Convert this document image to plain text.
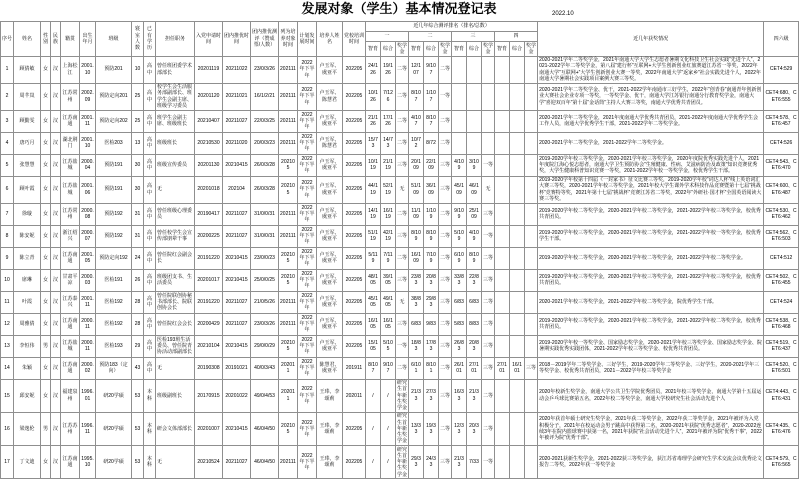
发展对象（学生）基本情况登记表	2022.10
序号	姓名	性别	民族	籍贯	出生年月	班级	寝室人数	已有学历	担任职务	入党申请时间	团内推优时间	团内推优测评（赞成票/人数）	列为培养对象时间	计划发展时间	培养人姓名	党校培训时间	近几年综合测评排名（排名/总数）												近几年获奖情况	四六级
																	一			二			三			四				
																	智育	综合	奖学金	智育	综合	奖学金	智育	综合	奖学金	智育	综合	奖学金		
1	顾倩敏	女	汉	上海松江	2001.10	预防201	10	高中	曾任班团委学术部部长	20201119	20211022	23/0/3/26	202111	2022年下半年	卢玉军、虞亚平	202205	24/126	19/126	二等	12/107	9/107	二等							2020-2021学年二等奖学金，2021年南通大学大学生志愿者暑期文化科技卫生社会实践“先进个人”，2021-2022学年二等奖学金，第八届“建行杯”互联网+大学生创新创业红旅赛道江苏省一等奖，2022年南通大学“互联网+”大学生创新创业大赛一等奖，2022年南通大学“返家乡”社会实践先进个人，2022年南通大学暑期社会实践项目案例大赛三等奖。	CET4:529
2	周芊岚	女	汉	江苏常州	2002.09	预防定向201	25	高中	校学生会生活服务部副部长、班学生会副主席、班级学习委员	20201120	20211021	16/1/2/21	202111	2022年下半年	卢玉军、陈慧君	202205	10/126	7/126	二等	8/107	1/107	一等							2020-2021学年二等奖学金、优干，2021-2022学年南通市三好学生，2022年“创青春”南通青年创新创业大赛社会企业专项一等奖，一等奖学金、优干，南通大学江苏银行南通分行教育奖学金，南通大学“喜迎双百年”第十届“金话筒”主持人大赛三等奖，南通大学优秀共青团员。	CET4:680、CET6:555
3	顾勤雯	女	汉	江苏南通	2001.11	预防定向202	25	高中	班学生会副主席、班级班长	20210407	20211027	22/0/3/25	202111	2022年下半年	卢玉军、虞亚平	202205	21/126	17/126	二等	4/107	8/107	二等							2020-2021学年二等奖学金，2021年度南通大学优秀共青团员，2021-2022年度南通大学优秀学生会工作人员，南通大学优秀学生干部，2021-2022学年二等奖学金。	CET4:578、CET6:457
4	唐巧月	女	汉	湖北荆门	2001.10	医检203	13	高中	班级班长	20210530	20211020	20/0/3/23	202111	2022年下半年	卢玉军、陈慧君	202205	15/73	14/73	二等	10/72	8/72	二等							2020-2021学年二等奖学金，2021-2022学年二等奖学金。	CET4:526
5	张慧慧	女	汉	江苏盐城	2000.04	预防191	30	高中	班级宣传委员	20201130	20210415	26/0/3/28	202105	2022年下半年	卢玉军、虞亚平	202205	10/119	21/119	三等	20/109	22/109	三等	4/109	3/109	一等				2019-2020学年校三等奖学金，2020-2021学年校三等奖学金，2020年度院优秀实践先进个人，2021年度院江海心悦志愿者，南通大学卫生预防协会“生殖健康、性病、艾滋病防治及政策”知识竞赛优秀奖，大学生健康科普知识竞赛一等奖，2021-2022学年校一等奖学金，校优秀学生干部。	CET4:543、CET6:470
6	顾叶霞	女	汉	江苏盐城	2001.06	预防191	30	高中	无	20201018	202104	26/0/3/28	202105	2022年下半年	卢玉军、虞亚平	202205	44/119	52/119	无	51/109	36/109	三等	45/109	46/109	无				2019-2020学年校第十四届《一封家书》征文比赛三等奖，2019-2020学年校“词达人杯”线上英语词汇大赛三等奖，2020-2021学年校三等奖学金，2021年校大学生课外学术科技作品竞赛暨第十七届“挑战杯”竞赛特等奖，2021年第十七届“挑战杯”竞赛江苏省二等奖，2022年“外研社·国才杯”全国英语阅读大赛三等奖。	CET4:600、CET6:487
7	徐璇	女	汉	江苏常州	2000.08	预防192	31	高中	曾任班级心理委员	20190417	20211027	31/0/0/31	202111	2022年下半年	卢玉军、虞亚平	202205	14/119	16/119	二等	11/109	1/109	二等	9/109	25/109	三等				2019-2020学年校二等奖学金，2020-2021学年校二等奖学金，2021-2022学年校三等奖学金，校优秀共青团员。	CET4:530、CET6:462
8	陈安妮	女	汉	浙江绍兴	2000.07	预防192	31	高中	曾任校学生会宣传部朋辈干事	20200225	20211027	31/0/0/31	202111	2022年下半年	卢玉军、虞亚平	202205	51/119	42/119	三等	8/109	8/109	二等	5/109	4/109	一等				2019-2020学年校三等奖学金，2020-2021学年校二等奖学金，2021-2022学年校一等奖学金，校优秀学生干部。	CET4:562、CET6:503
9	陈立青	女	汉	江苏南通	2001.05	预防定向192	24	高中	曾任院红会副会长	20191220	20210415	23/0/0/23	202105	2022年下半年	卢玉军、虞亚平	202205	5/119	7/119	二等	16/109	7/109	二等	6/109	8/109	二等				2019-2020学年校二等奖学金，2020-2021学年校二等奖学金，2021-2022学年校二等奖学金。	CET4:512
10	席琳	女	汉	甘肃平凉	2000.03	医检191	26	高中	班级团支书、生活委员	20201017	20210415	25/0/0/25	202105	2022年下半年	卢玉军、虞亚平	202205	48/105	39/105	三等	23/83	20/83	三等	33/83	22/83	三等				2019-2020学年校三等奖学金，2020-2021学年校三等奖学金，2021-2022学年校三等奖学金，校优秀共青团员。	CET4:502、CET6:455
11	叶霞	女	汉	江苏泰兴	2001.11	医检192	28	高中	曾任院联创协秘书部部长、院联创协会长	20191220	20211027	21/0/5/26	202111	2022年下半年	卢玉军、虞亚平	202205	45/105	49/105	无	38/83	29/83	三等	6/83	6/83	二等				2020-2021学年校三等奖学金，2021-2022学年校二等奖学金，院优秀学生干部。	CET4:524
12	周雅倩	女	汉	江苏南通	2000.11	医检192	28	高中	曾任院红会会长	20200429	20211027	23/0/3/26	202111	2022年下半年	卢玉军、虞亚平	202205	16/105	16/105	三等	6/83	9/83	二等	5/83	8/83	二等				2019-2020学年校三等奖学金，2020-2021学年校二等奖学金，2021-2022学年校二等奖学金，校优秀共青团员。	CET4:538、CET6:468
13	李恒伟	男	汉	江苏盐城	2000.11	医检193	29	高中	医检193班生活委员、曾任院青协活动部副部长	20210104	20210415	29/0/0/29	202105	2022年下半年	卢玉军、虞亚平	202205	15/105	5/105	一等	18/83	17/83	三等	26/83	20/83	三等				2019-2020学年校一等奖学金、国家励志奖学金，2020-2021学年校三等奖学金、国家励志奖学金、院暑期实践优秀实践团体，2021-2022学年校三等奖学金、校优秀共青团员。	CET4:519、CET6:437
14	朱颖	女	汉	江苏南通	2000.02	预防183（定向）	43	高中	无	20190308	20191021	40/0/3/43	202011	2022年下半年	陈慧君、虞亚平	201911	8/107	9/107	二等	6/101	8/101	二等	26/101	27/101	三等	27/101	16/101	三等	2018－2019学年二等奖学金、三好学生，2019-2020学年二等奖学金、三好学生，2020-2021学年三等奖学金、校优秀共青团员，2021－2022学年校三等奖学金	CET4:520、CET6:501
15	邱安妮	女	汉	福建泉州	1996.01	研20学硕	53	本科	班级副班长	20170915	20201022	49/0/4/53	202011	2022年下半年	王琫、李颂莉	202011	/	/	研究生首年新生奖学金	21/33	27/33	三等	16/33	21/33	二等				2020年校新生奖学金，南通大学公共卫生学院优秀团员，2021年校三等奖学金，南通大学第十五届运动会乒乓球比赛第五名，2022年校二等奖学金，南通大学校研究生社会活动先进个人	CET4:443、CET6:431
16	梁逸伦	男	汉	江苏苏州	1996.11	研20学硕	53	本科	研会文体部部长	20201007	20210415	46/0/4/50	202105	2022年下半年	王琫、李颂莉	202205	/	/	研究生首年新生奖学金	13/33	19/33	二等	12/33	20/33	二等				2020年获首年硕士研究生奖学金，2021年获二等奖学金，2022年获二等奖学金，2021年被评为入党积极分子，2021年在校运动会男子跳高中获得第二名，2020-2021年获院“优秀志愿者”，2020-2022连续3年在院内篮球赛中获第一名，2021年获院“社会活动先进个人”，2021年被评为院“优秀干事”，2022年被评为院“优秀干部”。	CET4:435、CET6:476
17	丁文迪	女	汉	江苏南通	1995.10	研20学硕	53	本科	无	20210524	20211027	46/0/4/50	202111	2022年下半年	王琫、李颂莉	202205	/	/	研究生首年新生奖学金	29/33	24/33	三等	21/33	7/33	一等				2020-2021获新生奖学金，2021-2022获三等奖学金，获江苏省毒理学会研究生学术交流会议优秀论文报告二等奖，2022年获一等奖学金	CET4:579、CET6:565
